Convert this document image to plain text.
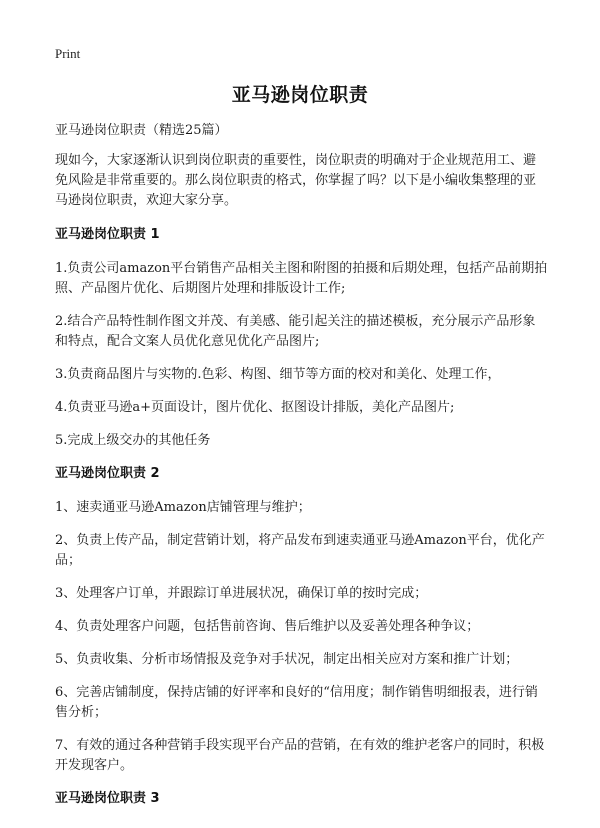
Print
亚马逊岗位职责
亚马逊岗位职责（精选25篇）
现如今，大家逐渐认识到岗位职责的重要性，岗位职责的明确对于企业规范用工、避免风险是非常重要的。那么岗位职责的格式，你掌握了吗？以下是小编收集整理的亚马逊岗位职责，欢迎大家分享。
亚马逊岗位职责 1
1.负责公司amazon平台销售产品相关主图和附图的拍摄和后期处理，包括产品前期拍照、产品图片优化、后期图片处理和排版设计工作;
2.结合产品特性制作图文并茂、有美感、能引起关注的描述模板，充分展示产品形象和特点，配合文案人员优化意见优化产品图片;
3.负责商品图片与实物的.色彩、构图、细节等方面的校对和美化、处理工作，
4.负责亚马逊a+页面设计，图片优化、抠图设计排版，美化产品图片;
5.完成上级交办的其他任务
亚马逊岗位职责 2
1、速卖通亚马逊Amazon店铺管理与维护；
2、负责上传产品，制定营销计划，将产品发布到速卖通亚马逊Amazon平台，优化产品；
3、处理客户订单，并跟踪订单进展状况，确保订单的按时完成；
4、负责处理客户问题，包括售前咨询、售后维护以及妥善处理各种争议；
5、负责收集、分析市场情报及竞争对手状况，制定出相关应对方案和推广计划；
6、完善店铺制度，保持店铺的好评率和良好的“信用度；制作销售明细报表，进行销售分析；
7、有效的通过各种营销手段实现平台产品的营销，在有效的维护老客户的同时，积极开发现客户。
亚马逊岗位职责 3
